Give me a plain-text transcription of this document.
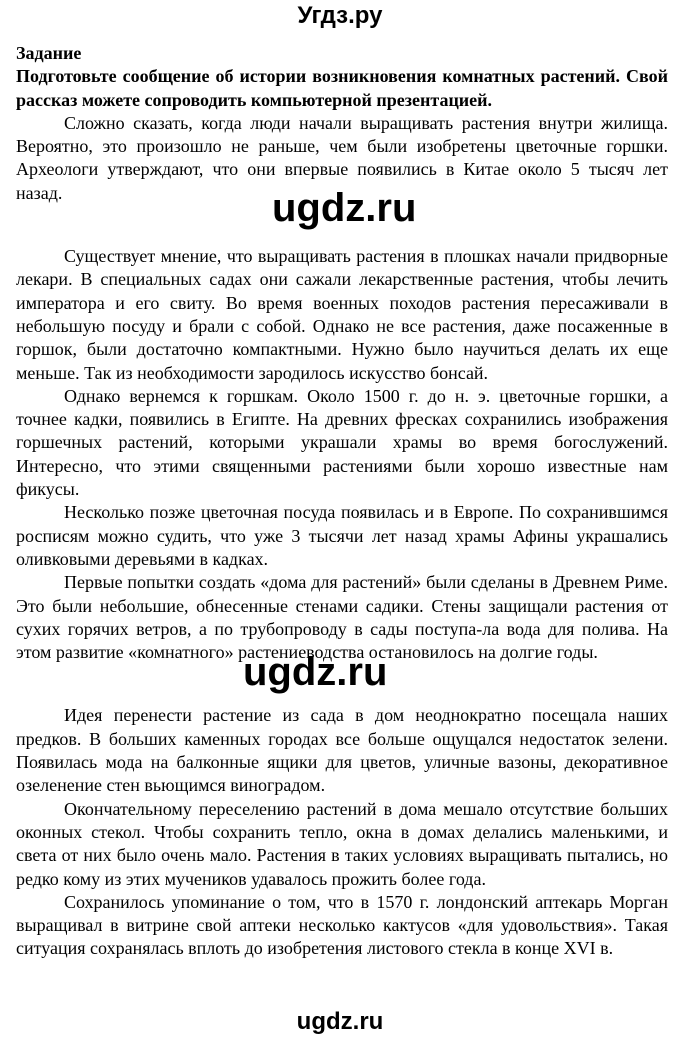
Угдз.ру
Задание
Подготовьте сообщение об истории возникновения комнатных растений. Свой рассказ можете сопроводить компьютерной презентацией.

Сложно сказать, когда люди начали выращивать растения внутри жилища. Вероятно, это произошло не раньше, чем были изобретены цветочные горшки. Археологи утверждают, что они впервые появились в Китае около 5 тысяч лет назад.

Существует мнение, что выращивать растения в плошках начали придворные лекари. В специальных садах они сажали лекарственные растения, чтобы лечить императора и его свиту. Во время военных походов растения пересаживали в небольшую посуду и брали с собой. Однако не все растения, даже посаженные в горшок, были достаточно компактными. Нужно было научиться делать их еще меньше. Так из необходимости зародилось искусство бонсай.

Однако вернемся к горшкам. Около 1500 г. до н. э. цветочные горшки, а точнее кадки, появились в Египте. На древних фресках сохранились изображения горшечных растений, которыми украшали храмы во время богослужений. Интересно, что этими священными растениями были хорошо известные нам фикусы.

Несколько позже цветочная посуда появилась и в Европе. По сохранившимся росписям можно судить, что уже 3 тысячи лет назад храмы Афины украшались оливковыми деревьями в кадках.

Первые попытки создать «дома для растений» были сделаны в Древнем Риме. Это были небольшие, обнесенные стенами садики. Стены защищали растения от сухих горячих ветров, а по трубопроводу в сады поступа-ла вода для полива. На этом развитие «комнатного» растениеводства остановилось на долгие годы.

Идея перенести растение из сада в дом неоднократно посещала наших предков. В больших каменных городах все больше ощущался недостаток зелени. Появилась мода на балконные ящики для цветов, уличные вазоны, декоративное озеленение стен вьющимся виноградом.

Окончательному переселению растений в дома мешало отсутствие больших оконных стекол. Чтобы сохранить тепло, окна в домах делались маленькими, и света от них было очень мало. Растения в таких условиях выращивать пытались, но редко кому из этих мучеников удавалось прожить более года.

Сохранилось упоминание о том, что в 1570 г. лондонский аптекарь Морган выращивал в витрине свой аптеки несколько кактусов «для удовольствия». Такая ситуация сохранялась вплоть до изобретения листового стекла в конце XVI в.

ugdz.ru
ugdz.ru
ugdz.ru
